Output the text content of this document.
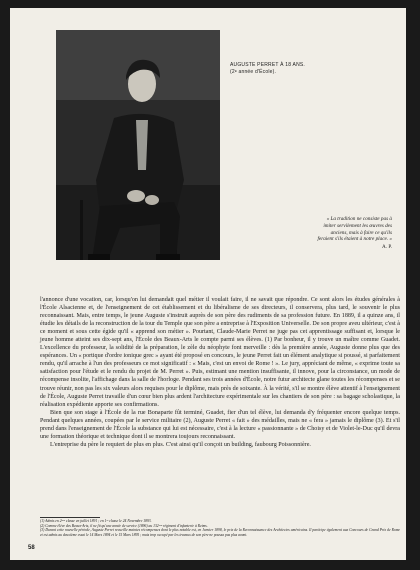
AUGUSTE PERRET À 18 ANS.
(2ᵉ année d'École).
« La tradition ne consiste pas à
imiter servilement les œuvres des
anciens, mais à faire ce qu'ils
feraient s'ils étaient à notre place. »
A. P.

l'annonce d'une vocation, car, lorsqu'on lui demandait quel métier il voulait faire, il ne savait que répondre. Ce sont alors les études générales à l'École Alsacienne et, de l'enseignement de cet établissement et du libéralisme de ses directeurs, il conservera, plus tard, le souvenir le plus reconnaissant. Mais, entre temps, le jeune Auguste s'instruit auprès de son père des rudiments de sa profession future. En 1889, il a quinze ans, il étudie les détails de la reconstruction de la tour du Temple que son père a entreprise à l'Exposition Universelle. De son propre aveu ultérieur, c'est à ce moment et sous cette égide qu'il « apprend son métier ». Pourtant, Claude-Marie Perret ne juge pas cet apprentissage suffisant et, lorsque le jeune homme atteint ses dix-sept ans, l'École des Beaux-Arts le compte parmi ses élèves. (1) Par bonheur, il y trouve un maître comme Guadet. L'excellence du professeur, la solidité de la préparation, le zèle du néophyte font merveille : dès la première année, Auguste donne plus que des espérances. Un « portique d'ordre ionique grec » ayant été proposé en concours, le jeune Perret fait un élément analytique si poussé, si parfaitement rendu, qu'il arrache à l'un des professeurs ce mot significatif : « Mais, c'est un envoi de Rome ! ». Le jury, appréciant de même, « exprime toute sa satisfaction pour l'étude et le rendu du projet de M. Perret ». Puis, estimant une mention insuffisante, il innove, pour la circonstance, un mode de récompense insolite, l'affichage dans la salle de l'horloge. Pendant ses trois années d'École, notre futur architecte glane toutes les récompenses et se trouve réunir, non pas les six valeurs alors requises pour le diplôme, mais près de soixante. À la vérité, s'il se montre élève attentif à l'enseignement de l'École, Auguste Perret travaille d'un cœur bien plus ardent l'architecture expérimentale sur les chantiers de son père : sa bagage scholastique, la réalisation expédiente apporte ses confirmations.

Bien que son stage à l'École de la rue Bonaparte fût terminé, Guadet, fier d'un tel élève, lui demanda d'y fréquenter encore quelque temps. Pendant quelques années, coupées par le service militaire (2), Auguste Perret « fait » des médailles, mais ne « fera » jamais le diplôme (3). Et s'il prend dans l'enseignement de l'École la substance qui lui est nécessaire, c'est à la lecture « passionnante » de Choisy et de Violet-le-Duc qu'il devra une formation théorique et technique dont il se montrera toujours reconnaissant.

L'entreprise du père le requiert de plus en plus. C'est ainsi qu'il conçoit un building, faubourg Poissonnière.

(1) Admis en 2ᵉᵐᵉ classe en juillet 1891 ; en 1ʳᵉ classe le 24 Novembre 1893.

(2) Comme élève des Beaux-Arts, il ne fit qu'une année de service (1896) au 132ᵉᵐᵉ régiment d'infanterie à Reims.

(3) Durant cette nouvelle période, Auguste Perret recueille maintes récompenses dont le plus notable est, en Janvier 1898, le prix de la Reconnaissance des Architectes américains. Il participe également aux Concours de Grand Prix de Rome et est admis au deuxième essai le 14 Mars 1894 et le 15 Mars 1895 ; mais trop occupé par les travaux de son père ne poussa pas plus avant.

58
